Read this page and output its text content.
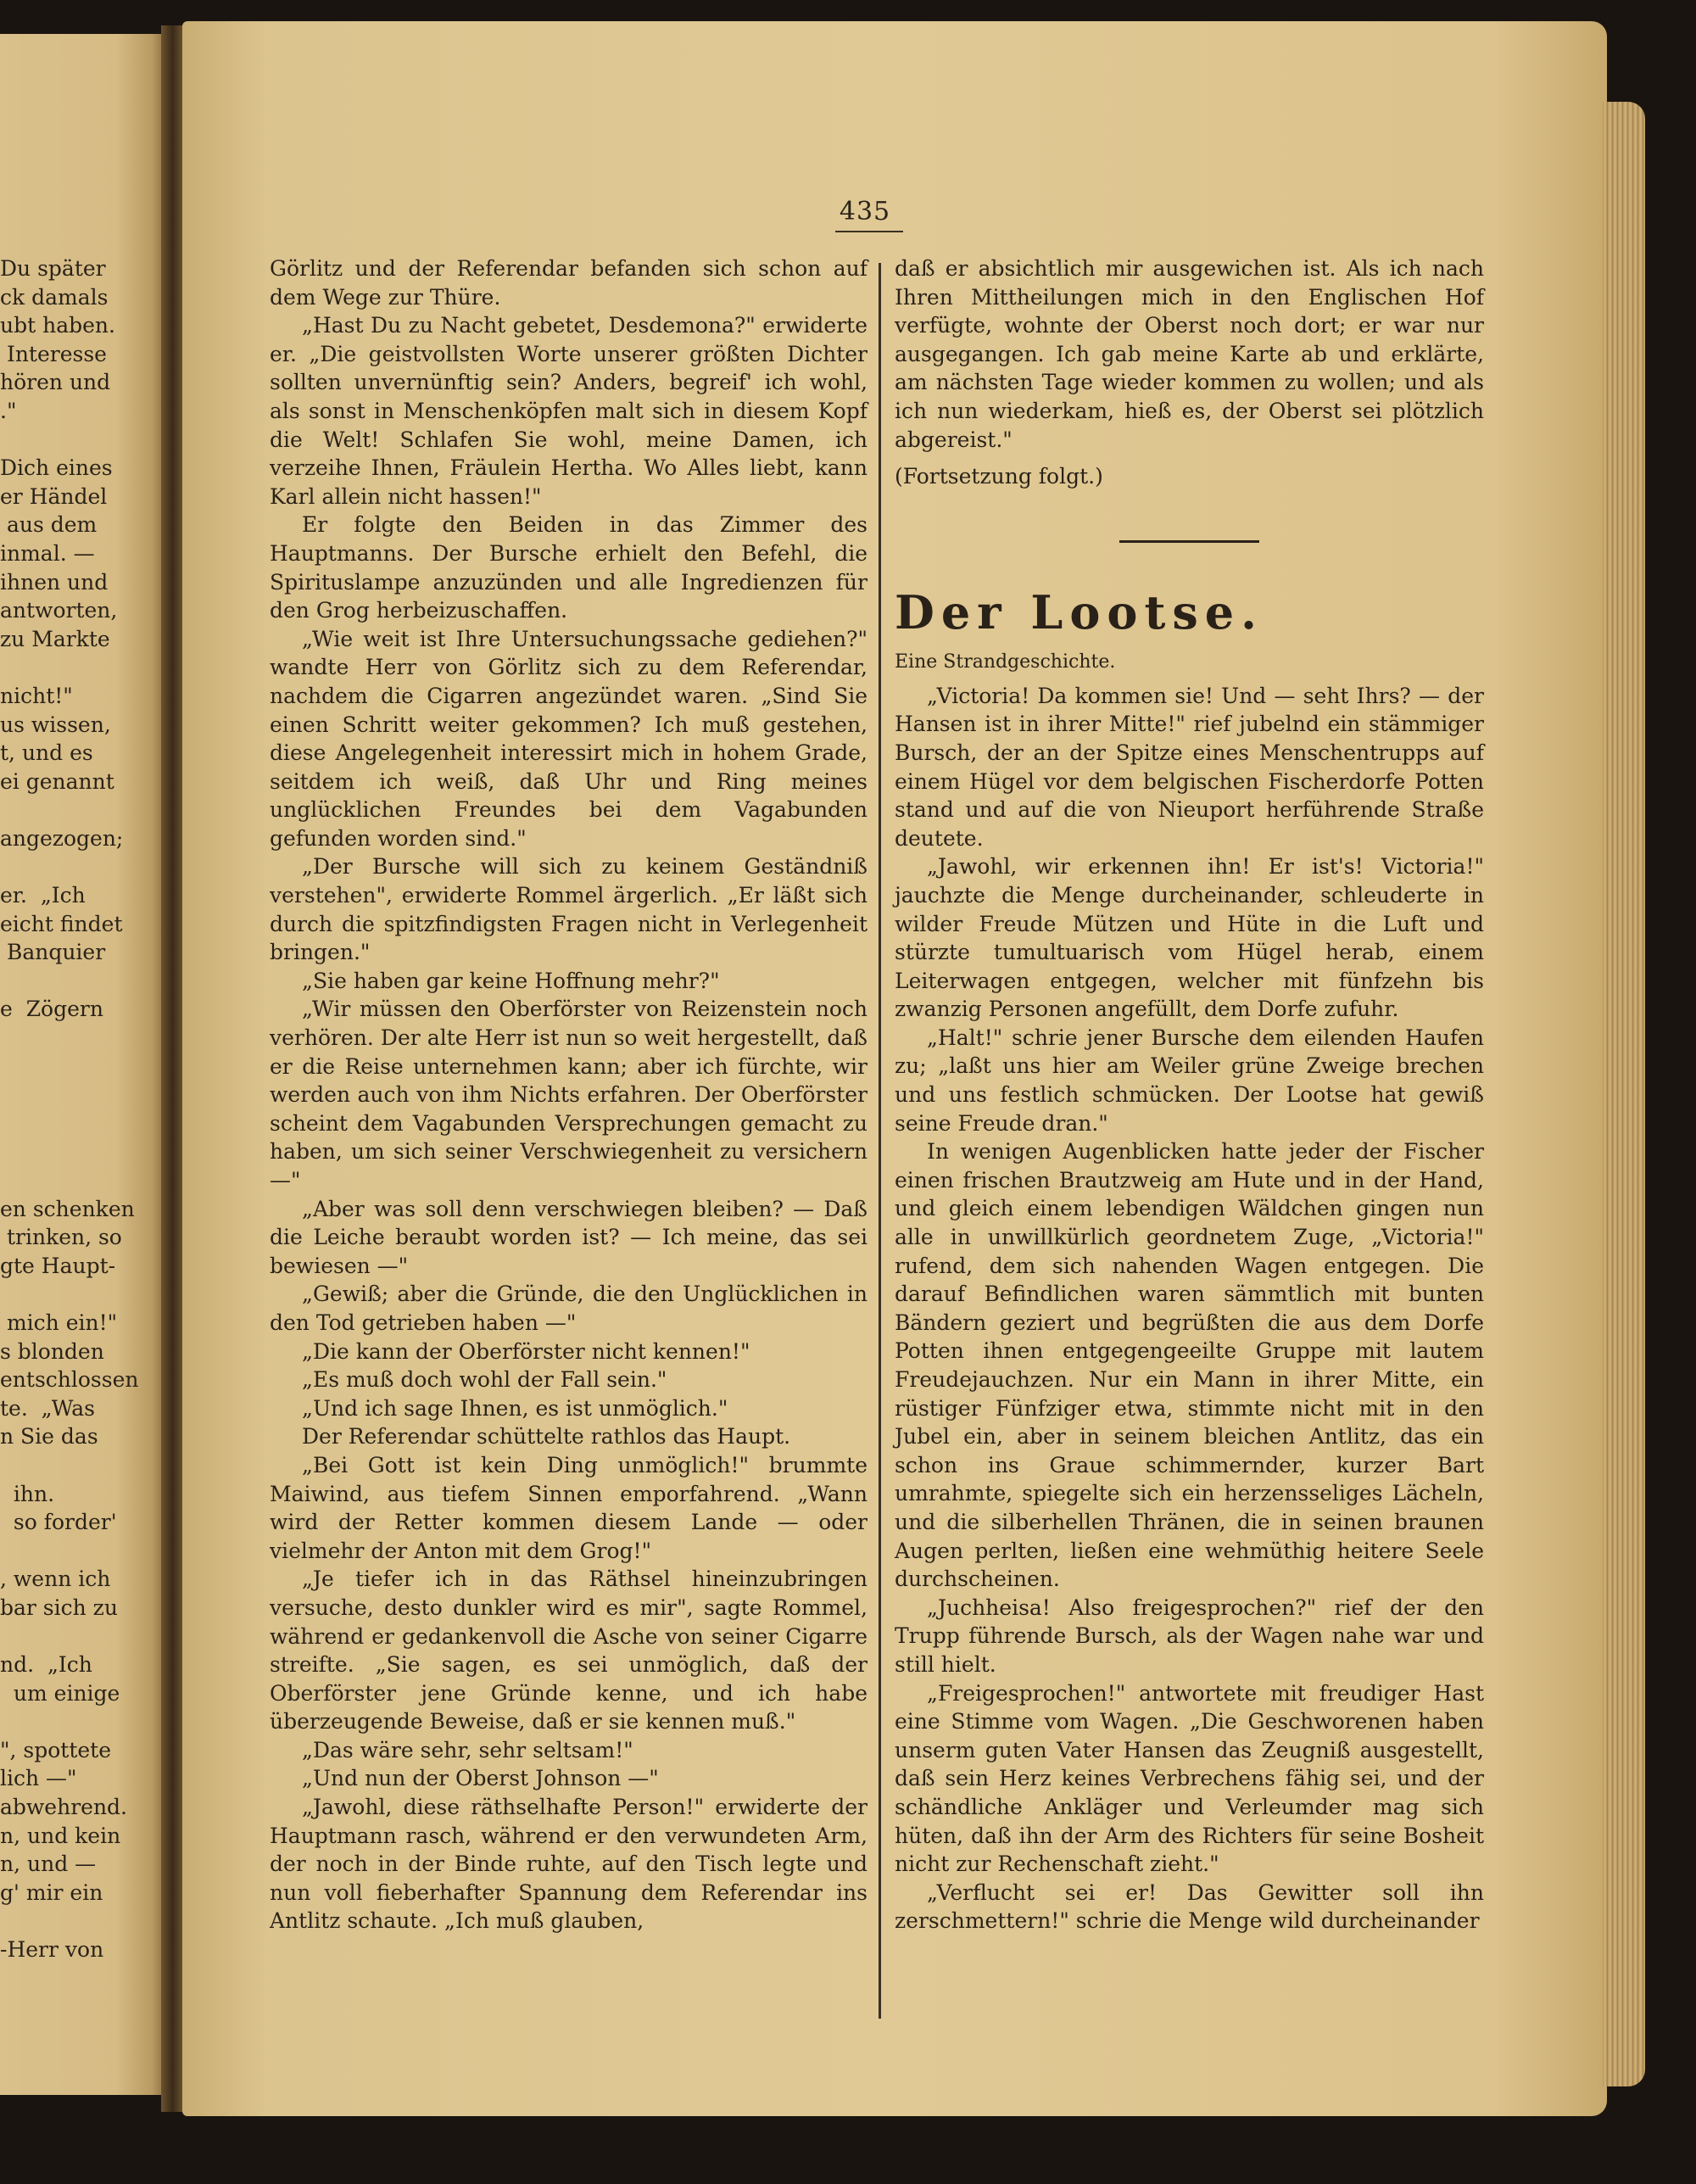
435

Du später

ck damals

ubt haben.

Interesse

hören und

."

Dich eines

er Händel

aus dem

inmal. —

ihnen und

antworten,

zu Markte

nicht!"

us wissen,

t, und es

ei genannt

angezogen;

er.  „Ich

eicht findet

Banquier

e  Zögern

en schenken

trinken, so

gte Haupt-

mich ein!"

s blonden

entschlossen

te.  „Was

n Sie das

ihn.

so forder'

, wenn ich

bar sich zu

nd.  „Ich

um einige

", spottete

lich —"

abwehrend.

n, und kein

n, und —

g' mir ein

-Herr von

Görlitz und der Referendar befanden sich schon auf dem Wege zur Thüre.

„Hast Du zu Nacht gebetet, Desdemona?" erwiderte er. „Die geistvollsten Worte unserer größten Dichter sollten unvernünftig sein? Anders, begreif' ich wohl, als sonst in Menschenköpfen malt sich in diesem Kopf die Welt! Schlafen Sie wohl, meine Damen, ich verzeihe Ihnen, Fräulein Hertha. Wo Alles liebt, kann Karl allein nicht hassen!"

Er folgte den Beiden in das Zimmer des Hauptmanns. Der Bursche erhielt den Befehl, die Spirituslampe anzuzünden und alle Ingredienzen für den Grog herbeizuschaffen.

„Wie weit ist Ihre Untersuchungssache gediehen?" wandte Herr von Görlitz sich zu dem Referendar, nachdem die Cigarren angezündet waren. „Sind Sie einen Schritt weiter gekommen? Ich muß gestehen, diese Angelegenheit interessirt mich in hohem Grade, seitdem ich weiß, daß Uhr und Ring meines unglücklichen Freundes bei dem Vagabunden gefunden worden sind."

„Der Bursche will sich zu keinem Geständniß verstehen", erwiderte Rommel ärgerlich. „Er läßt sich durch die spitzfindigsten Fragen nicht in Verlegenheit bringen."

„Sie haben gar keine Hoffnung mehr?"

„Wir müssen den Oberförster von Reizenstein noch verhören. Der alte Herr ist nun so weit hergestellt, daß er die Reise unternehmen kann; aber ich fürchte, wir werden auch von ihm Nichts erfahren. Der Oberförster scheint dem Vagabunden Versprechungen gemacht zu haben, um sich seiner Verschwiegenheit zu versichern —"

„Aber was soll denn verschwiegen bleiben? — Daß die Leiche beraubt worden ist? — Ich meine, das sei bewiesen —"

„Gewiß; aber die Gründe, die den Unglücklichen in den Tod getrieben haben —"

„Die kann der Oberförster nicht kennen!"

„Es muß doch wohl der Fall sein."

„Und ich sage Ihnen, es ist unmöglich."

Der Referendar schüttelte rathlos das Haupt.

„Bei Gott ist kein Ding unmöglich!" brummte Maiwind, aus tiefem Sinnen emporfahrend. „Wann wird der Retter kommen diesem Lande — oder vielmehr der Anton mit dem Grog!"

„Je tiefer ich in das Räthsel hineinzubringen versuche, desto dunkler wird es mir", sagte Rommel, während er gedankenvoll die Asche von seiner Cigarre streifte. „Sie sagen, es sei unmöglich, daß der Oberförster jene Gründe kenne, und ich habe überzeugende Beweise, daß er sie kennen muß."

„Das wäre sehr, sehr seltsam!"

„Und nun der Oberst Johnson —"

„Jawohl, diese räthselhafte Person!" erwiderte der Hauptmann rasch, während er den verwundeten Arm, der noch in der Binde ruhte, auf den Tisch legte und nun voll fieberhafter Spannung dem Referendar ins Antlitz schaute. „Ich muß glauben,

daß er absichtlich mir ausgewichen ist. Als ich nach Ihren Mittheilungen mich in den Englischen Hof verfügte, wohnte der Oberst noch dort; er war nur ausgegangen. Ich gab meine Karte ab und erklärte, am nächsten Tage wieder kommen zu wollen; und als ich nun wiederkam, hieß es, der Oberst sei plötzlich abgereist."

(Fortsetzung folgt.)

Der Lootse.

Eine Strandgeschichte.

„Victoria! Da kommen sie! Und — seht Ihrs? — der Hansen ist in ihrer Mitte!" rief jubelnd ein stämmiger Bursch, der an der Spitze eines Menschentrupps auf einem Hügel vor dem belgischen Fischerdorfe Potten stand und auf die von Nieuport herführende Straße deutete.

„Jawohl, wir erkennen ihn! Er ist's! Victoria!" jauchzte die Menge durcheinander, schleuderte in wilder Freude Mützen und Hüte in die Luft und stürzte tumultuarisch vom Hügel herab, einem Leiterwagen entgegen, welcher mit fünfzehn bis zwanzig Personen angefüllt, dem Dorfe zufuhr.

„Halt!" schrie jener Bursche dem eilenden Haufen zu; „laßt uns hier am Weiler grüne Zweige brechen und uns festlich schmücken. Der Lootse hat gewiß seine Freude dran."

In wenigen Augenblicken hatte jeder der Fischer einen frischen Brautzweig am Hute und in der Hand, und gleich einem lebendigen Wäldchen gingen nun alle in unwillkürlich geordnetem Zuge, „Victoria!" rufend, dem sich nahenden Wagen entgegen. Die darauf Befindlichen waren sämmtlich mit bunten Bändern geziert und begrüßten die aus dem Dorfe Potten ihnen entgegengeeilte Gruppe mit lautem Freudejauchzen. Nur ein Mann in ihrer Mitte, ein rüstiger Fünfziger etwa, stimmte nicht mit in den Jubel ein, aber in seinem bleichen Antlitz, das ein schon ins Graue schimmernder, kurzer Bart umrahmte, spiegelte sich ein herzensseliges Lächeln, und die silberhellen Thränen, die in seinen braunen Augen perlten, ließen eine wehmüthig heitere Seele durchscheinen.

„Juchheisa! Also freigesprochen?" rief der den Trupp führende Bursch, als der Wagen nahe war und still hielt.

„Freigesprochen!" antwortete mit freudiger Hast eine Stimme vom Wagen. „Die Geschworenen haben unserm guten Vater Hansen das Zeugniß ausgestellt, daß sein Herz keines Verbrechens fähig sei, und der schändliche Ankläger und Verleumder mag sich hüten, daß ihn der Arm des Richters für seine Bosheit nicht zur Rechenschaft zieht."

„Verflucht sei er! Das Gewitter soll ihn zerschmettern!" schrie die Menge wild durcheinander
